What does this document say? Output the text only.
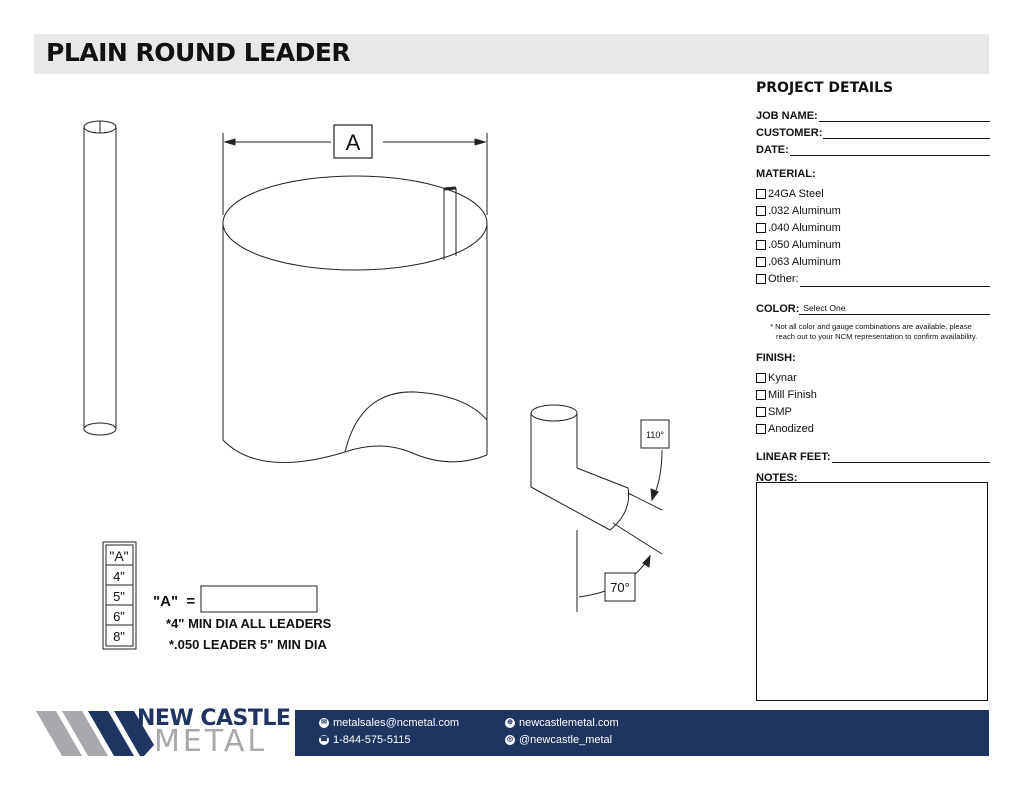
PLAIN ROUND LEADER
A
110°
70°
"A"
4"
5"
6"
8"
"A"  =
*4" MIN DIA ALL LEADERS
*.050 LEADER 5" MIN DIA
NEW CASTLE
METAL
PROJECT DETAILS
JOB NAME:
CUSTOMER:
DATE:
MATERIAL:
24GA Steel
.032 Aluminum
.040 Aluminum
.050 Aluminum
.063 Aluminum
Other:
COLOR: Select One
* Not all color and gauge combinations are available, please reach out to your NCM representation to confirm availability.
FINISH:
Kynar
Mill Finish
SMP
Anodized
LINEAR FEET:
NOTES:
✉ metalsales@ncmetal.com
☎ 1-844-575-5115
⊕ newcastlemetal.com
◎ @newcastle_metal
